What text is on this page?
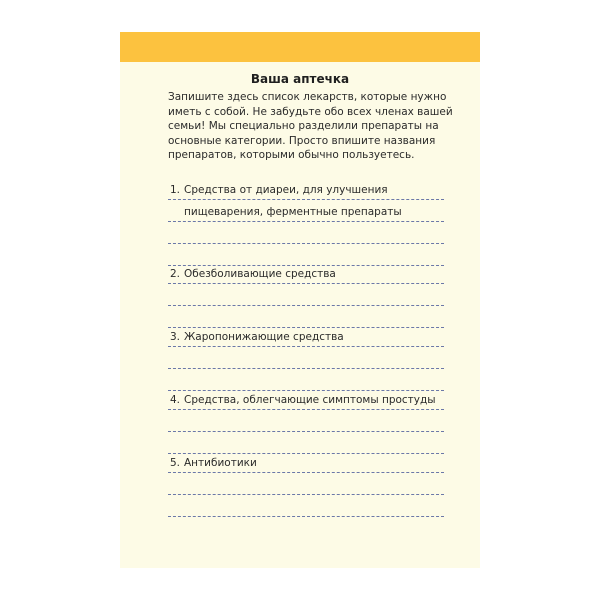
Ваша аптечка

Запишите здесь список лекарств, которые нужно
иметь с собой. Не забудьте обо всех членах вашей
семьи! Мы специально разделили препараты на
основные категории. Просто впишите названия
препаратов, которыми обычно пользуетесь.

1. Средства от диареи, для улучшения
пищеварения, ферментные препараты
2. Обезболивающие средства
3. Жаропонижающие средства
4. Средства, облегчающие симптомы простуды
5. Антибиотики
